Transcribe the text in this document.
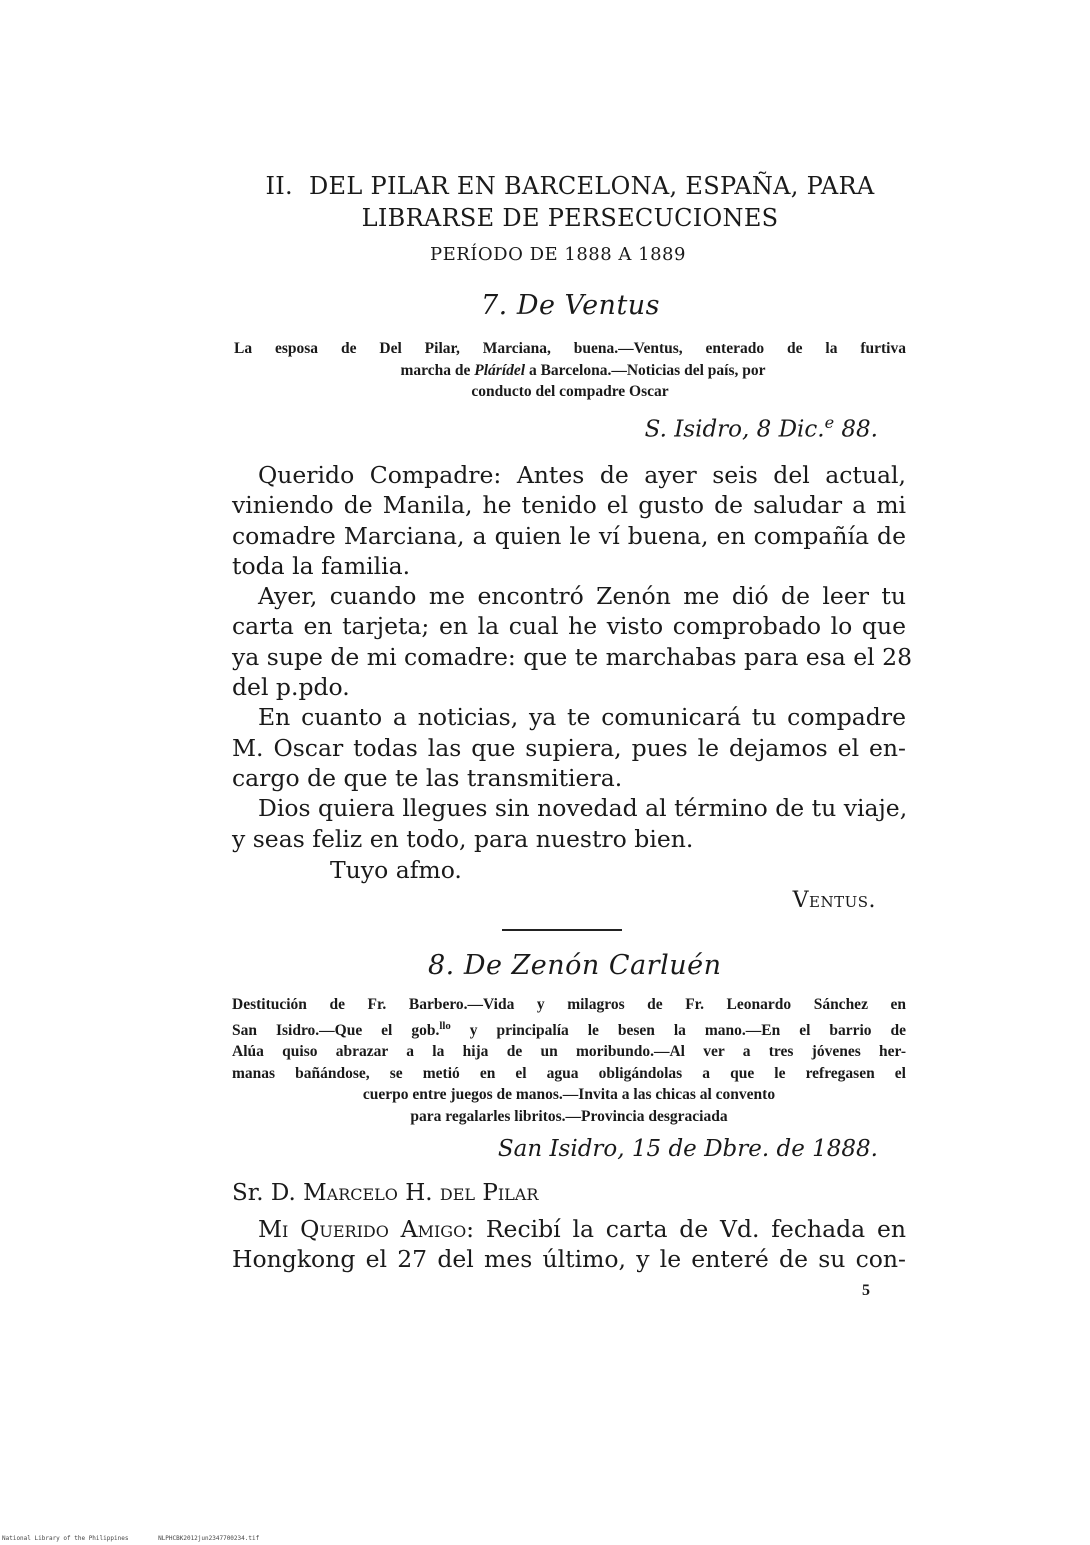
II. DEL PILAR EN BARCELONA, ESPAÑA, PARA
LIBRARSE DE PERSECUCIONES
PERÍODO DE 1888 A 1889
7. De Ventus
La esposa de Del Pilar, Marciana, buena.—Ventus, enterado de la furtiva
marcha de Plárídel a Barcelona.—Noticias del país, por
conducto del compadre Oscar
S. Isidro, 8 Dic.$^e$ 88.

Querido Compadre: Antes de ayer seis del actual,
viniendo de Manila, he tenido el gusto de saludar a mi
comadre Marciana, a quien le ví buena, en compañía de
toda la familia.

Ayer, cuando me encontró Zenón me dió de leer tu
carta en tarjeta; en la cual he visto comprobado lo que
ya supe de mi comadre: que te marchabas para esa el 28
del p.pdo.

En cuanto a noticias, ya te comunicará tu compadre
M. Oscar todas las que supiera, pues le dejamos el en-
cargo de que te las transmitiera.

Dios quiera llegues sin novedad al término de tu viaje,
y seas feliz en todo, para nuestro bien.

Tuyo afmo.
Ventus.
8. De Zenón Carluén
Destitución de Fr. Barbero.—Vida y milagros de Fr. Leonardo Sánchez en
San Isidro.—Que el gob.$^{llo}$ y principalía le besen la mano.—En el barrio de
Alúa quiso abrazar a la hija de un moribundo.—Al ver a tres jóvenes her-
manas bañándose, se metió en el agua obligándolas a que le refregasen el
cuerpo entre juegos de manos.—Invita a las chicas al convento
para regalarles libritos.—Provincia desgraciada
San Isidro, 15 de Dbre. de 1888.
Sr. D. Marcelo H. del Pilar

Mi Querido Amigo: Recibí la carta de Vd. fechada en
Hongkong el 27 del mes último, y le enteré de su con-

5
National Library of the Philippines	NLPHCBK2012jun2347700234.tif
